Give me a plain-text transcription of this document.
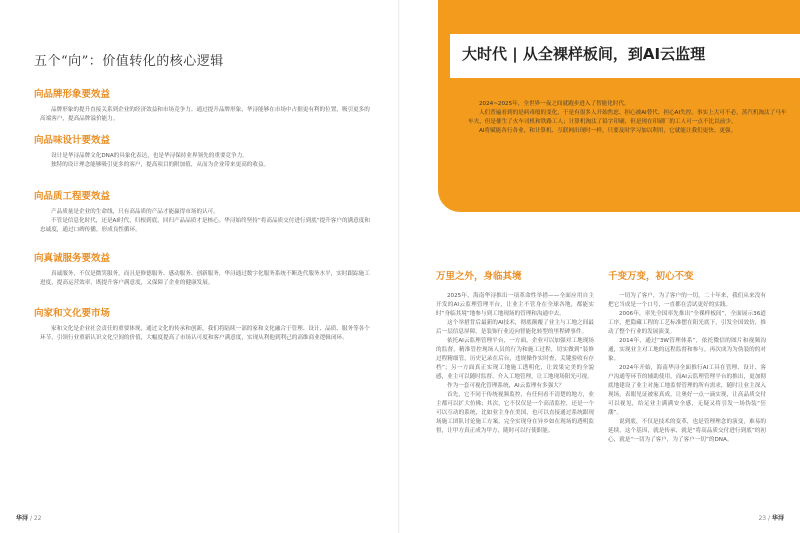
五个“向”：价值转化的核心逻辑
向品牌形象要效益

品牌形象的提升直接关系到企业的经济效益和市场竞争力。通过提升品牌形象，华浔能够在市场中占据更有利的位置，吸引更多的高端客户，提高品牌溢价能力。

向品味设计要效益

设计是华浔品牌文化DNA的具象化表达，也是华浔保持业界领先的重要竞争力。

独特的设计理念能够吸引更多的客户，提高项目的附加值，从而为企业带来更高的收益。

向品质工程要效益

产品质量是企业的生命线，只有高品质的产品才能赢得市场的认可。

不管是信息化时代，还是AI时代，归根到底，回归产品品质才是核心。华浔始终坚持“将高品质交付进行到底”提升客户的满意度和忠诚度，通过口碑传播，形成良性循环。

向真诚服务要效益

真诚服务，不仅是微笑服务，而且是修德服务、感动服务、创新服务，华浔通过数字化服务系统不断迭代服务水平，实时跟踪施工进度，提高运营效率，既提升客户满意度，又保障了企业的健康发展。

向家和文化要市场

家和文化是企业社会责任的重要体现，通过文化的传承和创新，我们将陆续一部的家和文化融合于管理、设计、品质、服务等各个环节，引领行业重新认识文化空间的价值，大幅度提高了市场认可度和客户满意度，实现从利他到利己的高维商业逻辑闭环。

华浔 / 22
大时代 | 从全裸样板间，到AI云监理

2024~2025年，全世界一夜之间就跑步进入了智能化时代。

人们普遍看到的是病毒般的变化，于是有很多人开始焦虑、担心被AI替代、担心AI失控。事实上大可不必，蒸汽机淘汰了马车车夫，但是催生了火车司机和铁路工人；计算机淘汰了铅字印刷，但是现在印刷厂的工人可一点不比以前少。

AI将赋能各行各业，和计算机、互联网出现时一样，只要及时学习加以利用，它就能让我们更快、更强。

万里之外，身临其境

2025年，海南华浔推出一项革命性举措——全面应用自主开发的AI云监理管理平台，让业主不管身在全球各地，都能实时“身临其境”地参与到工地现场的管理和沟通中去。

这个举措背后最新的AI技术，彻底颠覆了业主与工地之间最后一层信息屏障，是装饰行业迈向智能化转型的里程碑事件。

依托AI云监理管理平台，一方面，企业可以加强对工地现场的监督，精准管控现场人员的行为和施工过程，切实做到“装修过程精细管，历史记录在后台，违规操作实时查，关键验收有存档”；另一方面真正实现工地施工透明化，让效果完美的全貌感，业主可以随时监督、介入工地管理，让工地现场阳光可视。

作为一套可视化管理系统，AI云监理有多强大？

首先，它不同于传统视频监控，有任何看不清楚的地方，业主都可以扩大仿佛；其次，它不仅仅是一个高清监控，还是一个可以互动的系统，比如业主身在美国，也可以直接通过系统跟现场施工团队讨论施工方案，完全实现身在异乡如在现场的透明监督，让甲方真正成为甲方，随时可以行使职能。

千变万变，初心不变

一切为了客户，为了客户的一切，二十年来，我们从来没有把它当成是一个口号，一直都在尝试更好的实践。

2006年，率先全国率先推出“全裸样板间”，全面展示36道工序，把隐藏工程的工艺标准摆在阳光底下，引发全国效仿，推动了整个行业的发展演变。

2014年，通过“3W管理体系”，依托微信的图片和视频沟通，实现业主对工地的远程监督和参与，再次成为为伪装的的对象。

2024年开始，海南华浔全面推行AI工具在管理、设计、客户沟通等环节的辅助使用，而AI云监理管理平台的推出，更加彻底地建设了业主对施工地监督管理的所有需求，随时让业主深入现场，表眼见证被家真成，让奥好一点一滴实现，让高品质交付可以视见，给足业主满满安全感，无疑又将引发一场伪装“狂潮”。

说到底，不仅是技术的变革，也是管理理念的演变，难易的延续，这个基因，就是传承，就是“将高品质交付进行到底”的初心，就是“一切为了客户，为了客户一切”的DNA。

23 / 华浔
